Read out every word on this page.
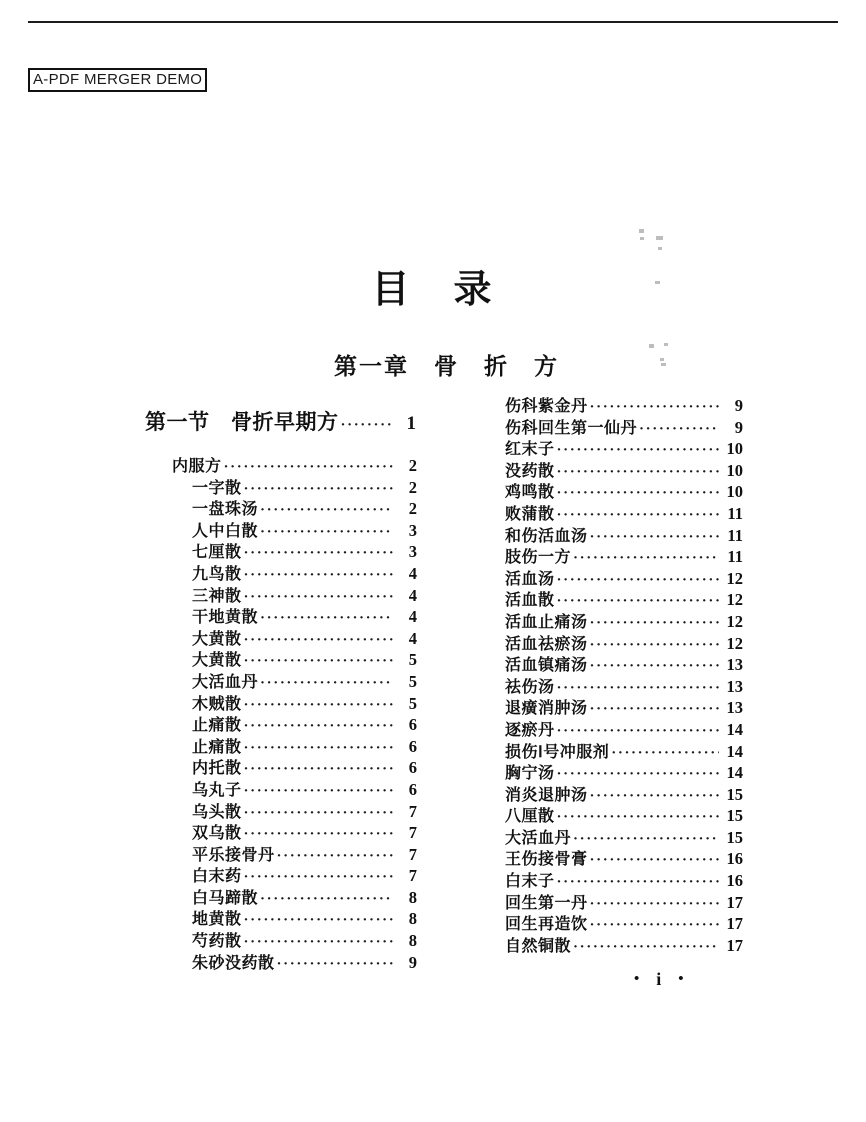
A-PDF MERGER DEMO
目　录
第一章　骨　折　方
第一节　骨折早期方 ·····	1
内服方 ·····	2
一字散 ·····	2
一盘珠汤 ·····	2
人中白散 ·····	3
七厘散 ·····	3
九鸟散 ·····	4
三神散 ·····	4
干地黄散 ·····	4
大黄散 ·····	4
大黄散 ·····	5
大活血丹 ·····	5
木贼散 ·····	5
止痛散 ·····	6
止痛散 ·····	6
内托散 ·····	6
乌丸子 ·····	6
乌头散 ·····	7
双乌散 ·····	7
平乐接骨丹 ·····	7
白末药 ·····	7
白马蹄散 ·····	8
地黄散 ·····	8
芍药散 ·····	8
朱砂没药散 ·····	9
伤科紫金丹 ·····	9
伤科回生第一仙丹 ·····	9
红末子 ·····	10
没药散 ·····	10
鸡鸣散 ·····	10
败蒲散 ·····	11
和伤活血汤 ·····	11
肢伤一方 ·····	11
活血汤 ·····	12
活血散 ·····	12
活血止痛汤 ·····	12
活血祛瘀汤 ·····	12
活血镇痛汤 ·····	13
祛伤汤 ·····	13
退癀消肿汤 ·····	13
逐瘀丹 ·····	14
损伤Ⅰ号冲服剂 ·····	14
胸宁汤 ·····	14
消炎退肿汤 ·····	15
八厘散 ·····	15
大活血丹 ·····	15
王伤接骨膏 ·····	16
白末子 ·····	16
回生第一丹 ·····	17
回生再造饮 ·····	17
自然铜散 ·····	17
• i •
